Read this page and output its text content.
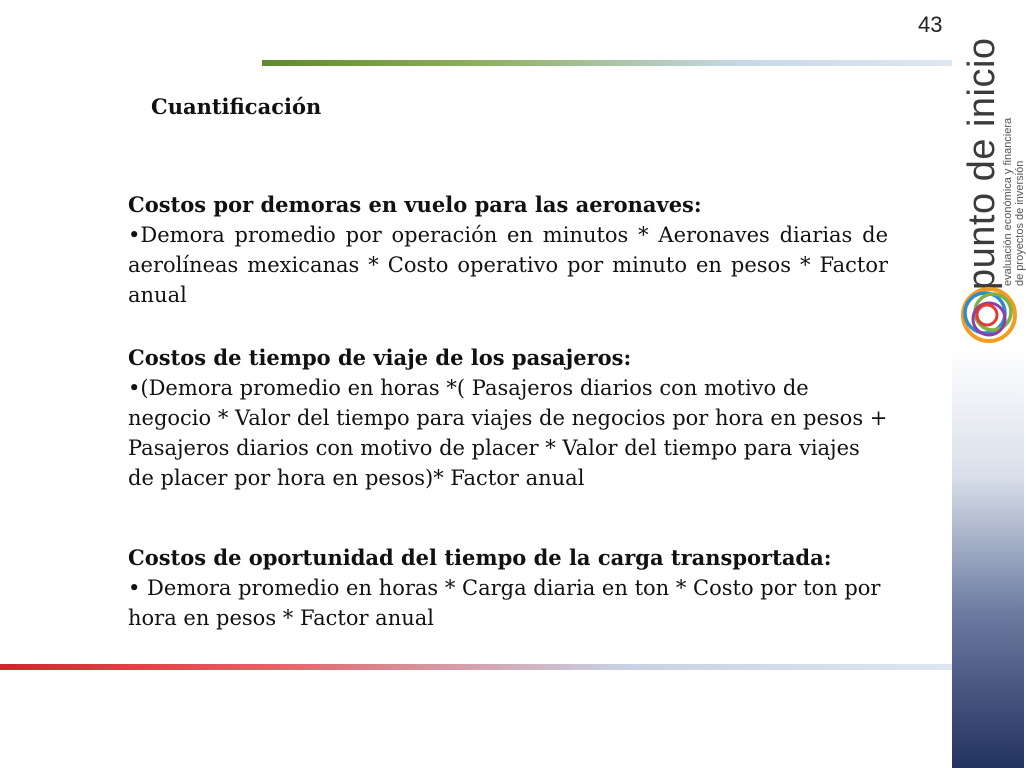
43
Cuantificación
Costos por demoras en vuelo para las aeronaves:
•Demora promedio por operación en minutos * Aeronaves diarias de aerolíneas mexicanas * Costo operativo por minuto en pesos * Factor anual
Costos de tiempo de viaje de los pasajeros:
•(Demora promedio en horas *( Pasajeros diarios con motivo de negocio * Valor del tiempo para viajes de negocios por hora en pesos + Pasajeros diarios con motivo de placer * Valor del tiempo para viajes de placer por hora en pesos)* Factor anual
Costos de oportunidad del tiempo de la carga transportada:
• Demora promedio en horas * Carga diaria en ton * Costo por ton por hora en pesos * Factor anual
punto de inicio evaluación económica y financiera de proyectos de inversión
